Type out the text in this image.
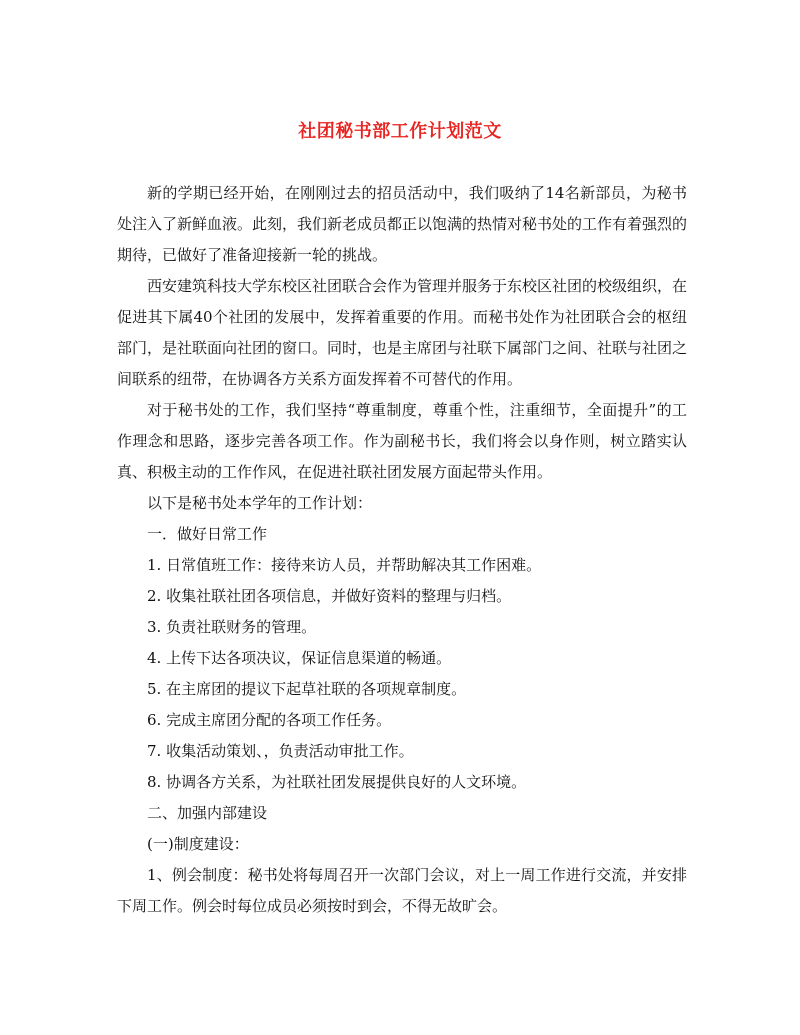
社团秘书部工作计划范文

新的学期已经开始，在刚刚过去的招员活动中，我们吸纳了14名新部员，为秘书处注入了新鲜血液。此刻，我们新老成员都正以饱满的热情对秘书处的工作有着强烈的期待，已做好了准备迎接新一轮的挑战。

西安建筑科技大学东校区社团联合会作为管理并服务于东校区社团的校级组织，在促进其下属40个社团的发展中，发挥着重要的作用。而秘书处作为社团联合会的枢纽部门，是社联面向社团的窗口。同时，也是主席团与社联下属部门之间、社联与社团之间联系的纽带，在协调各方关系方面发挥着不可替代的作用。

对于秘书处的工作，我们坚持“尊重制度，尊重个性，注重细节，全面提升”的工作理念和思路，逐步完善各项工作。作为副秘书长，我们将会以身作则，树立踏实认真、积极主动的工作作风，在促进社联社团发展方面起带头作用。

以下是秘书处本学年的工作计划：

一．做好日常工作

1. 日常值班工作：接待来访人员，并帮助解决其工作困难。

2. 收集社联社团各项信息，并做好资料的整理与归档。

3. 负责社联财务的管理。

4. 上传下达各项决议，保证信息渠道的畅通。

5. 在主席团的提议下起草社联的各项规章制度。

6. 完成主席团分配的各项工作任务。

7. 收集活动策划、，负责活动审批工作。

8. 协调各方关系，为社联社团发展提供良好的人文环境。

二、加强内部建设

(一)制度建设：

1、例会制度：秘书处将每周召开一次部门会议，对上一周工作进行交流，并安排下周工作。例会时每位成员必须按时到会，不得无故旷会。
